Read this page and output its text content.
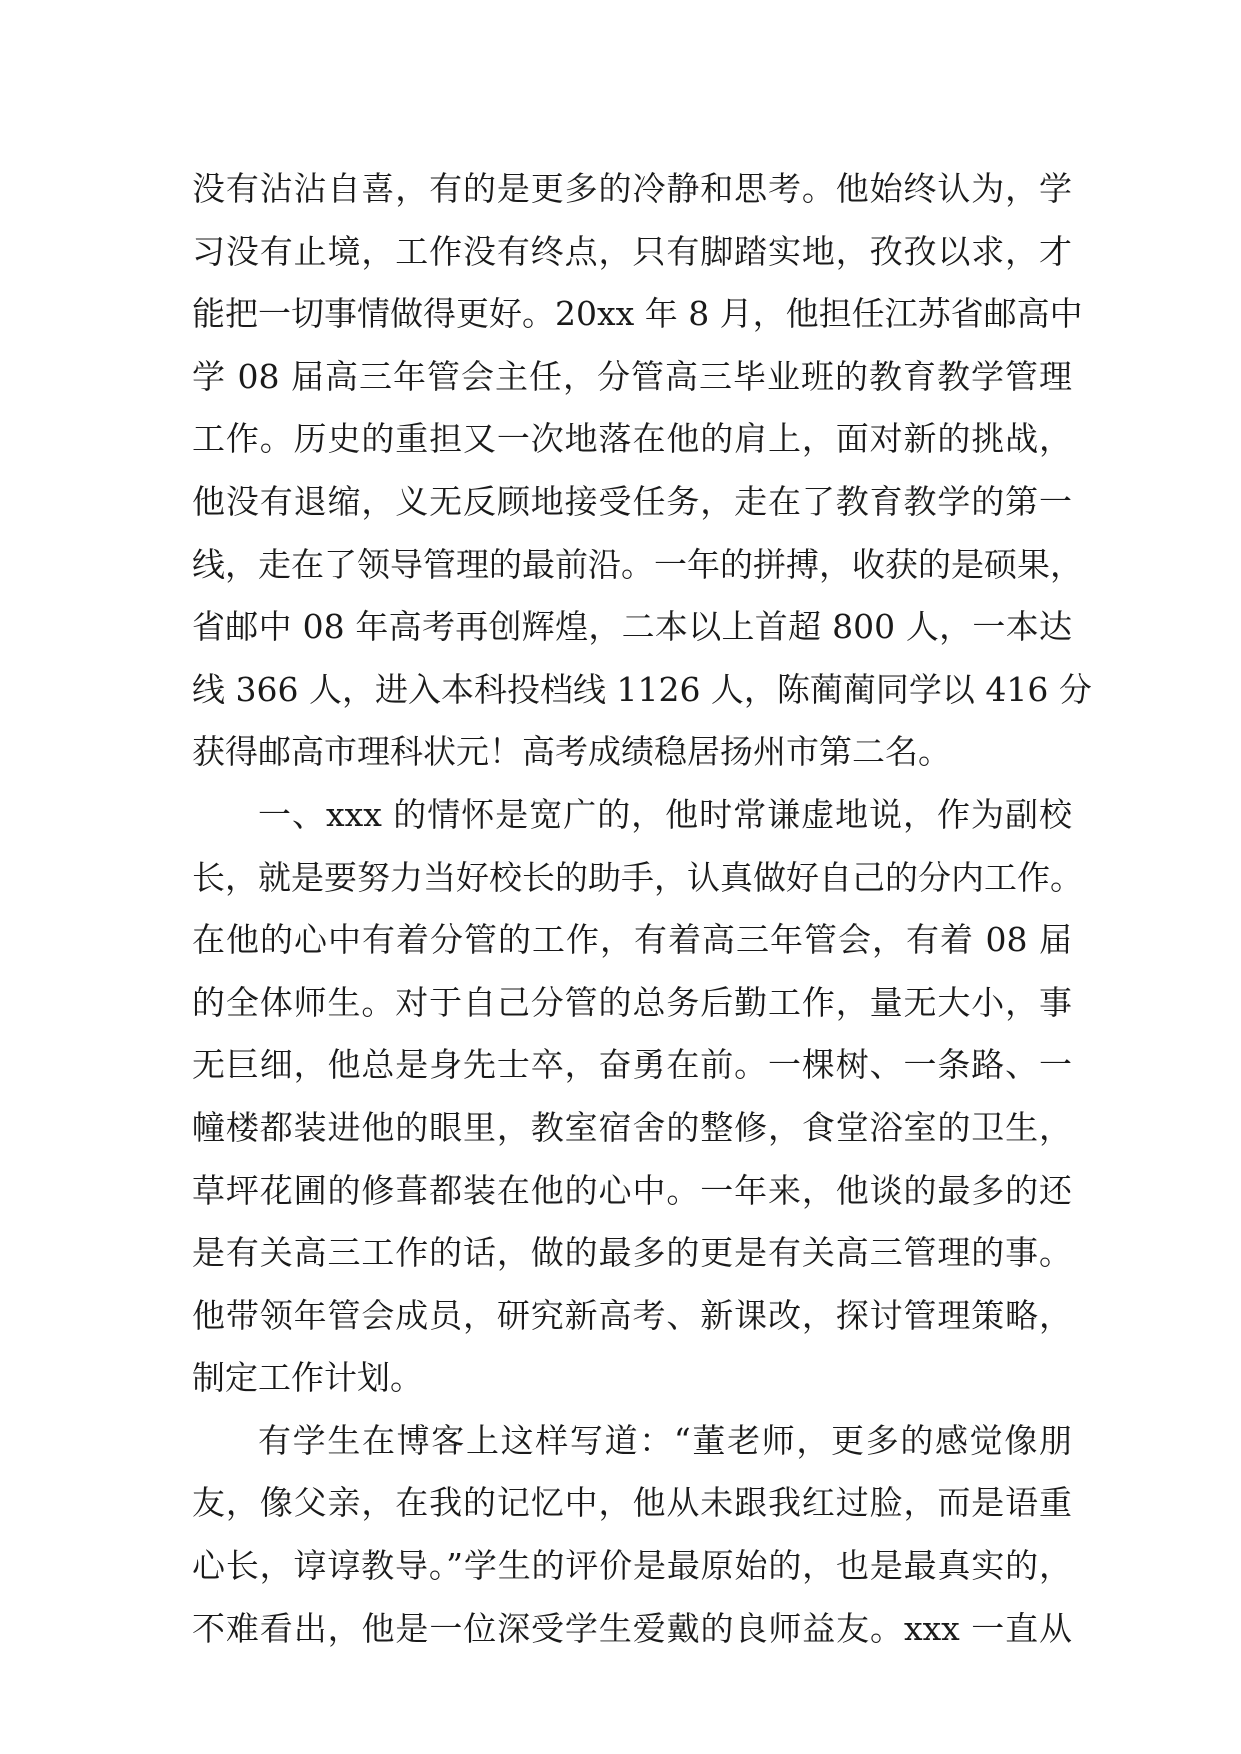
没有沾沾自喜，有的是更多的冷静和思考。他始终认为，学
习没有止境，工作没有终点，只有脚踏实地，孜孜以求，才
能把一切事情做得更好。20xx 年 8 月，他担任江苏省邮高中
学 08 届高三年管会主任，分管高三毕业班的教育教学管理
工作。历史的重担又一次地落在他的肩上，面对新的挑战，
他没有退缩，义无反顾地接受任务，走在了教育教学的第一
线，走在了领导管理的最前沿。一年的拼搏，收获的是硕果，
省邮中 08 年高考再创辉煌，二本以上首超 800 人，一本达
线 366 人，进入本科投档线 1126 人，陈蔺蔺同学以 416 分
获得邮高市理科状元！高考成绩稳居扬州市第二名。
一、xxx 的情怀是宽广的，他时常谦虚地说，作为副校
长，就是要努力当好校长的助手，认真做好自己的分内工作。
在他的心中有着分管的工作，有着高三年管会，有着 08 届
的全体师生。对于自己分管的总务后勤工作，量无大小，事
无巨细，他总是身先士卒，奋勇在前。一棵树、一条路、一
幢楼都装进他的眼里，教室宿舍的整修，食堂浴室的卫生，
草坪花圃的修葺都装在他的心中。一年来，他谈的最多的还
是有关高三工作的话，做的最多的更是有关高三管理的事。
他带领年管会成员，研究新高考、新课改，探讨管理策略，
制定工作计划。
有学生在博客上这样写道：“董老师，更多的感觉像朋
友，像父亲，在我的记忆中，他从未跟我红过脸，而是语重
心长，谆谆教导。”学生的评价是最原始的，也是最真实的，
不难看出，他是一位深受学生爱戴的良师益友。xxx 一直从
